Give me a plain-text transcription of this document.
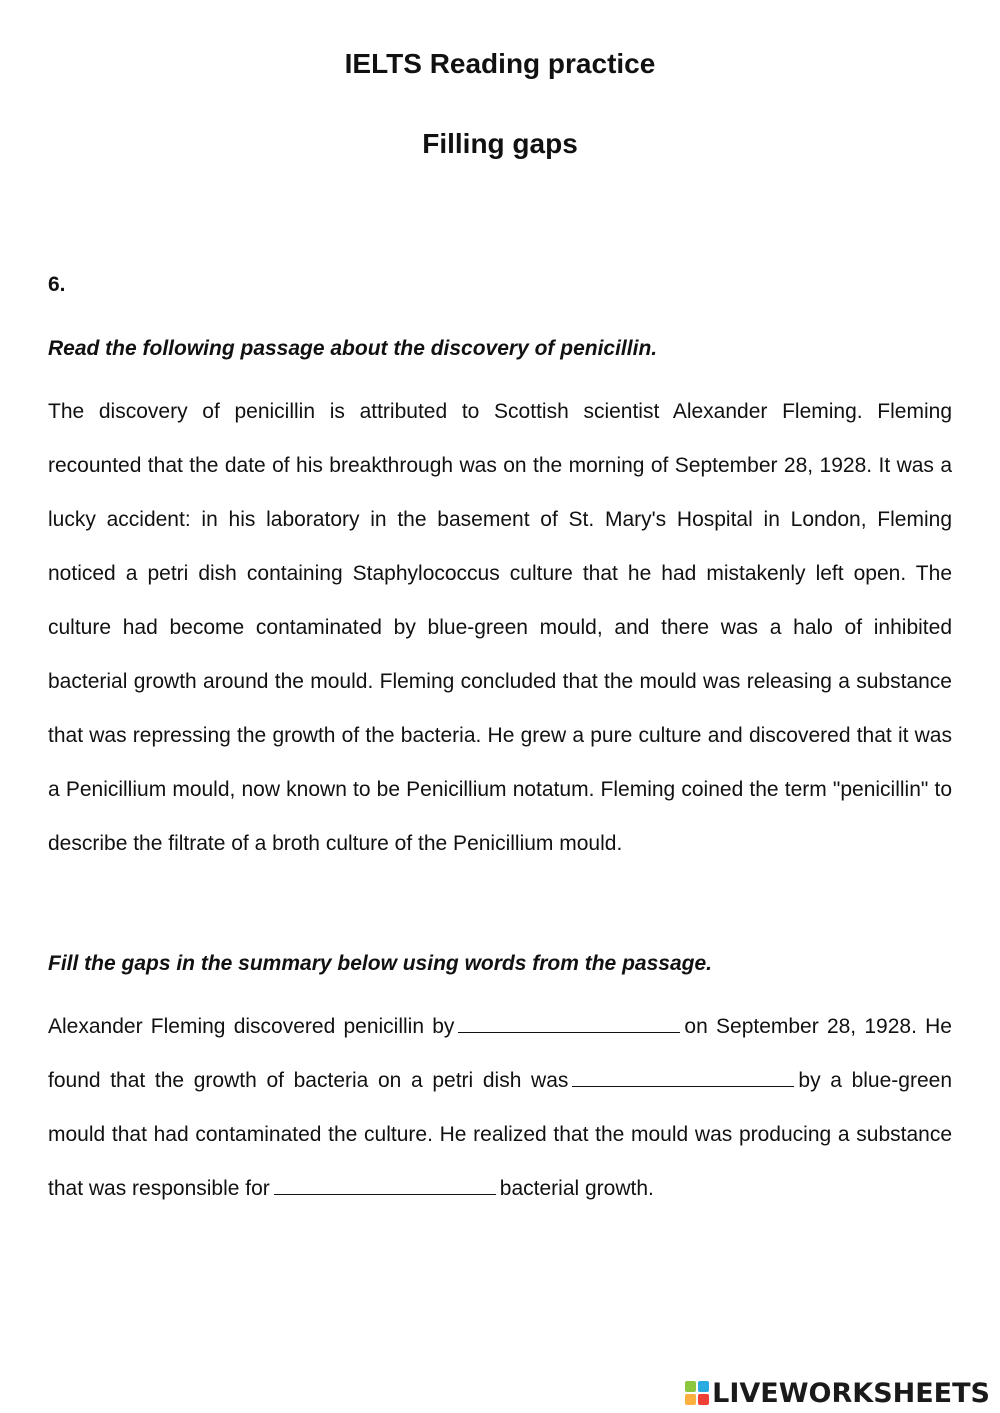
IELTS Reading practice
Filling gaps
6.
Read the following passage about the discovery of penicillin.

The discovery of penicillin is attributed to Scottish scientist Alexander Fleming. Fleming recounted that the date of his breakthrough was on the morning of September 28, 1928. It was a lucky accident: in his laboratory in the basement of St. Mary's Hospital in London, Fleming noticed a petri dish containing Staphylococcus culture that he had mistakenly left open. The culture had become contaminated by blue-green mould, and there was a halo of inhibited bacterial growth around the mould. Fleming concluded that the mould was releasing a substance that was repressing the growth of the bacteria. He grew a pure culture and discovered that it was a Penicillium mould, now known to be Penicillium notatum. Fleming coined the term "penicillin" to describe the filtrate of a broth culture of the Penicillium mould.

Fill the gaps in the summary below using words from the passage.

Alexander Fleming discovered penicillin by	on September 28, 1928. He found that the growth of bacteria on a petri dish was	by a blue-green mould that had contaminated the culture. He realized that the mould was producing a substance that was responsible for	bacterial growth.

LIVEWORKSHEETS
